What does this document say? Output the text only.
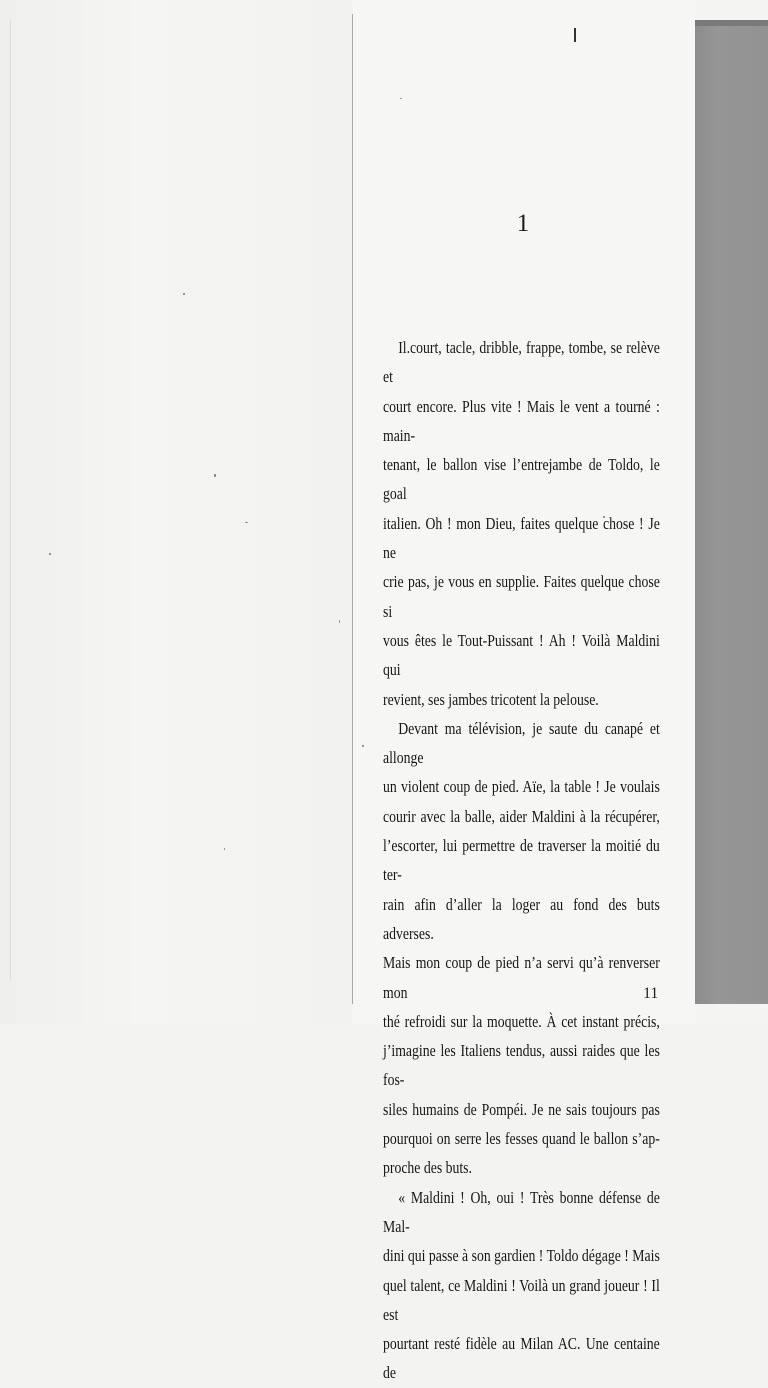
1

Il.court, tacle, dribble, frappe, tombe, se relève et

court encore. Plus vite ! Mais le vent a tourné : main-

tenant, le ballon vise l’entrejambe de Toldo, le goal

italien. Oh ! mon Dieu, faites quelque chose ! Je ne

crie pas, je vous en supplie. Faites quelque chose si

vous êtes le Tout-Puissant ! Ah ! Voilà Maldini qui

revient, ses jambes tricotent la pelouse.

Devant ma télévision, je saute du canapé et allonge

un violent coup de pied. Aïe, la table ! Je voulais

courir avec la balle, aider Maldini à la récupérer,

l’escorter, lui permettre de traverser la moitié du ter-

rain afin d’aller la loger au fond des buts adverses.

Mais mon coup de pied n’a servi qu’à renverser mon

thé refroidi sur la moquette. À cet instant précis,

j’imagine les Italiens tendus, aussi raides que les fos-

siles humains de Pompéi. Je ne sais toujours pas

pourquoi on serre les fesses quand le ballon s’ap-

proche des buts.

« Maldini ! Oh, oui ! Très bonne défense de Mal-

dini qui passe à son gardien ! Toldo dégage ! Mais

quel talent, ce Maldini ! Voilà un grand joueur ! Il est

pourtant resté fidèle au Milan AC. Une centaine de

11
